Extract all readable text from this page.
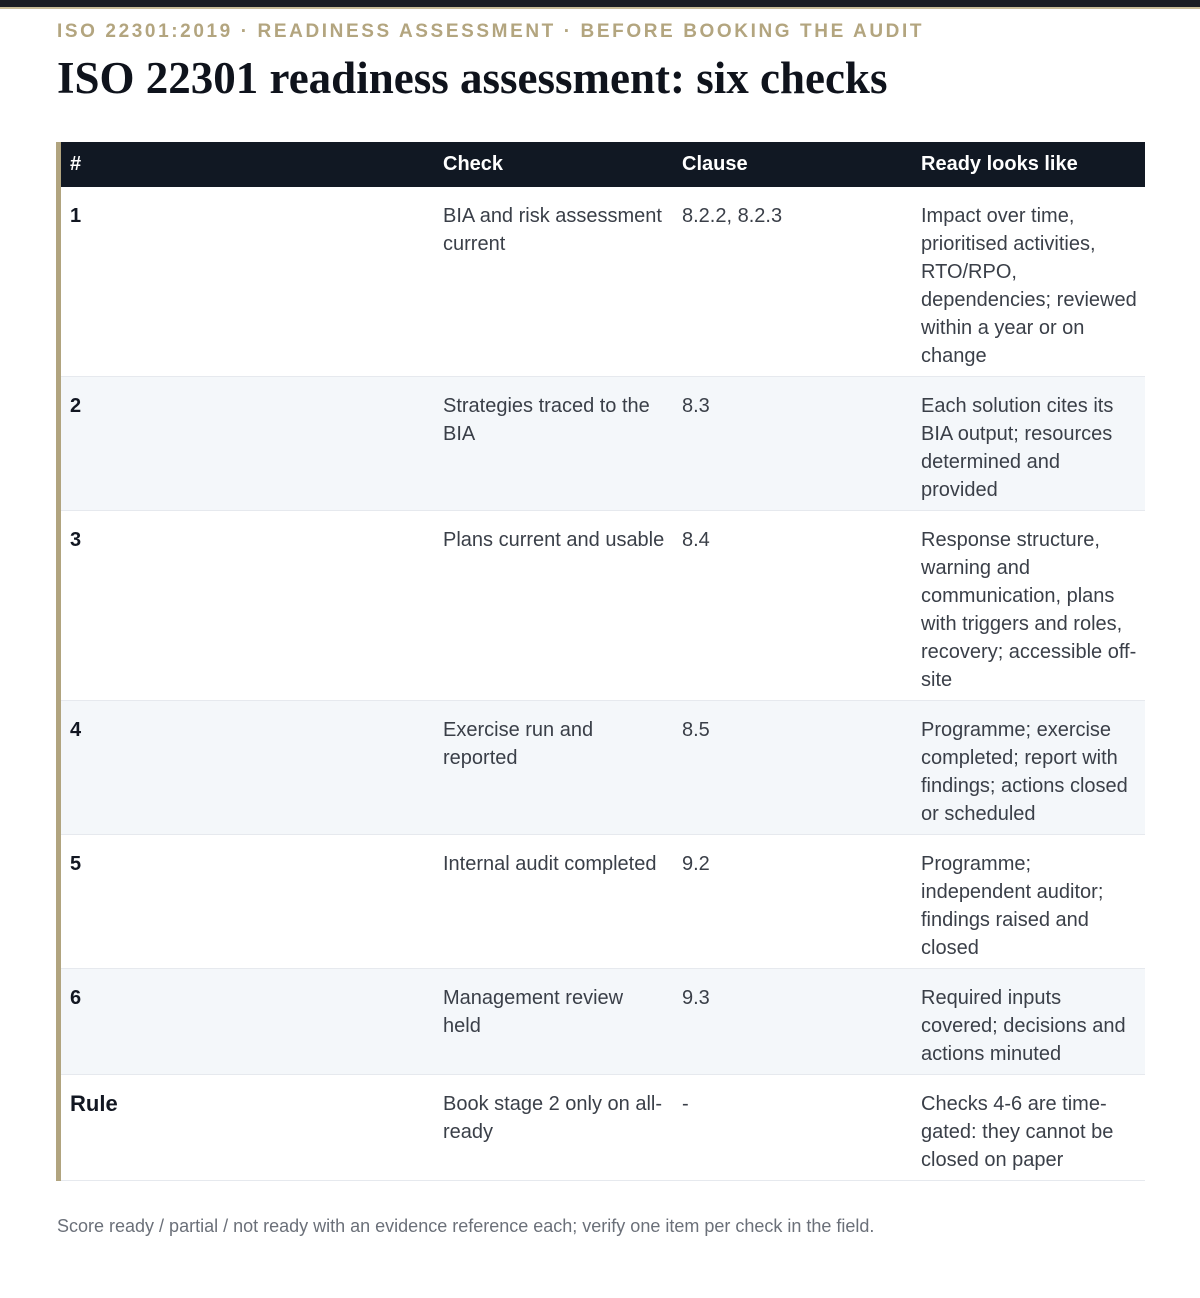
ISO 22301:2019 · READINESS ASSESSMENT · BEFORE BOOKING THE AUDIT
ISO 22301 readiness assessment: six checks
#	Check	Clause	Ready looks like
1	BIA and risk assessment current	8.2.2, 8.2.3	Impact over time, prioritised activities, RTO/RPO, dependencies; reviewed within a year or on change
2	Strategies traced to the BIA	8.3	Each solution cites its BIA output; resources determined and provided
3	Plans current and usable	8.4	Response structure, warning and communication, plans with triggers and roles, recovery; accessible off-site
4	Exercise run and reported	8.5	Programme; exercise completed; report with findings; actions closed or scheduled
5	Internal audit completed	9.2	Programme; independent auditor; findings raised and closed
6	Management review held	9.3	Required inputs covered; decisions and actions minuted
Rule	Book stage 2 only on all-ready	-	Checks 4-6 are time-gated: they cannot be closed on paper
Score ready / partial / not ready with an evidence reference each; verify one item per check in the field.
